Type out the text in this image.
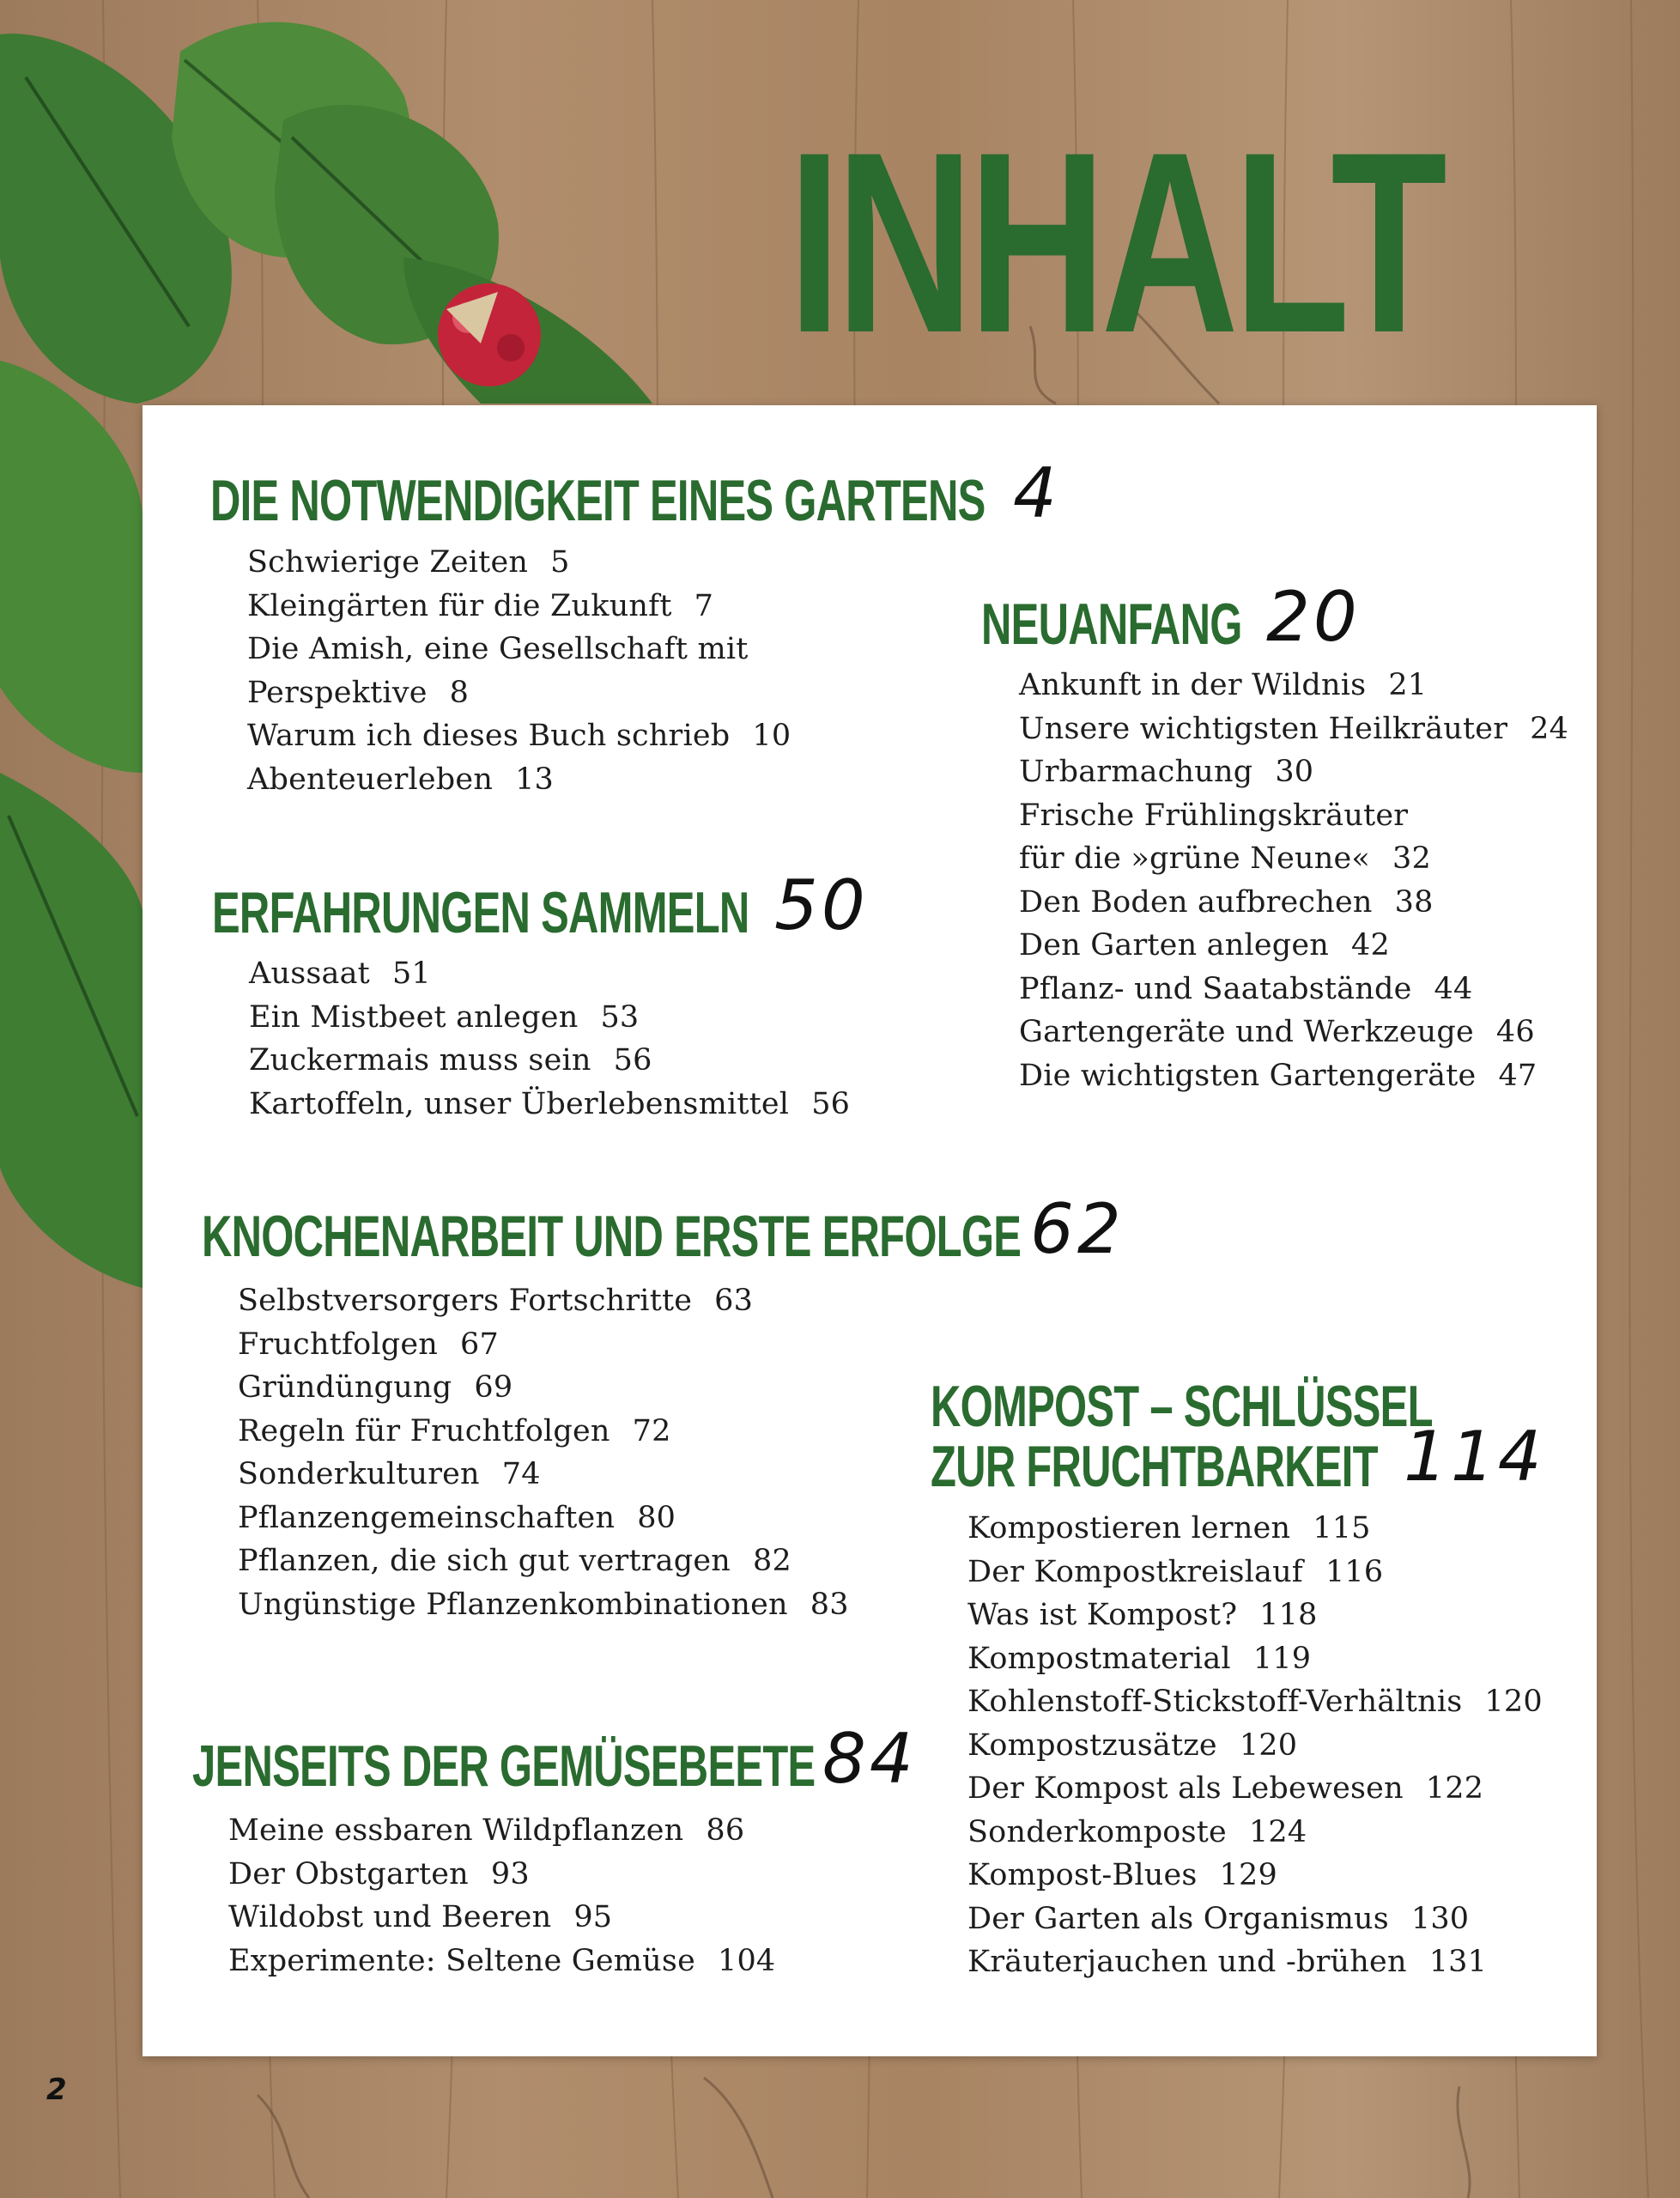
INHALT
DIE NOTWENDIGKEIT EINES GARTENS 4
Schwierige Zeiten 5
Kleingärten für die Zukunft 7
Die Amish, eine Gesellschaft mit
Perspektive 8
Warum ich dieses Buch schrieb 10
Abenteuerleben 13
NEUANFANG 20
Ankunft in der Wildnis 21
Unsere wichtigsten Heilkräuter 24
Urbarmachung 30
Frische Frühlingskräuter
für die »grüne Neune« 32
Den Boden aufbrechen 38
Den Garten anlegen 42
Pflanz- und Saatabstände 44
Gartengeräte und Werkzeuge 46
Die wichtigsten Gartengeräte 47
ERFAHRUNGEN SAMMELN 50
Aussaat 51
Ein Mistbeet anlegen 53
Zuckermais muss sein 56
Kartoffeln, unser Überlebensmittel 56
KNOCHENARBEIT UND ERSTE ERFOLGE 62
Selbstversorgers Fortschritte 63
Fruchtfolgen 67
Gründüngung 69
Regeln für Fruchtfolgen 72
Sonderkulturen 74
Pflanzengemeinschaften 80
Pflanzen, die sich gut vertragen 82
Ungünstige Pflanzenkombinationen 83
KOMPOST – SCHLÜSSEL
ZUR FRUCHTBARKEIT 114
Kompostieren lernen 115
Der Kompostkreislauf 116
Was ist Kompost? 118
Kompostmaterial 119
Kohlenstoff-Stickstoff-Verhältnis 120
Kompostzusätze 120
Der Kompost als Lebewesen 122
Sonderkomposte 124
Kompost-Blues 129
Der Garten als Organismus 130
Kräuterjauchen und -brühen 131
JENSEITS DER GEMÜSEBEETE 84
Meine essbaren Wildpflanzen 86
Der Obstgarten 93
Wildobst und Beeren 95
Experimente: Seltene Gemüse 104
2
